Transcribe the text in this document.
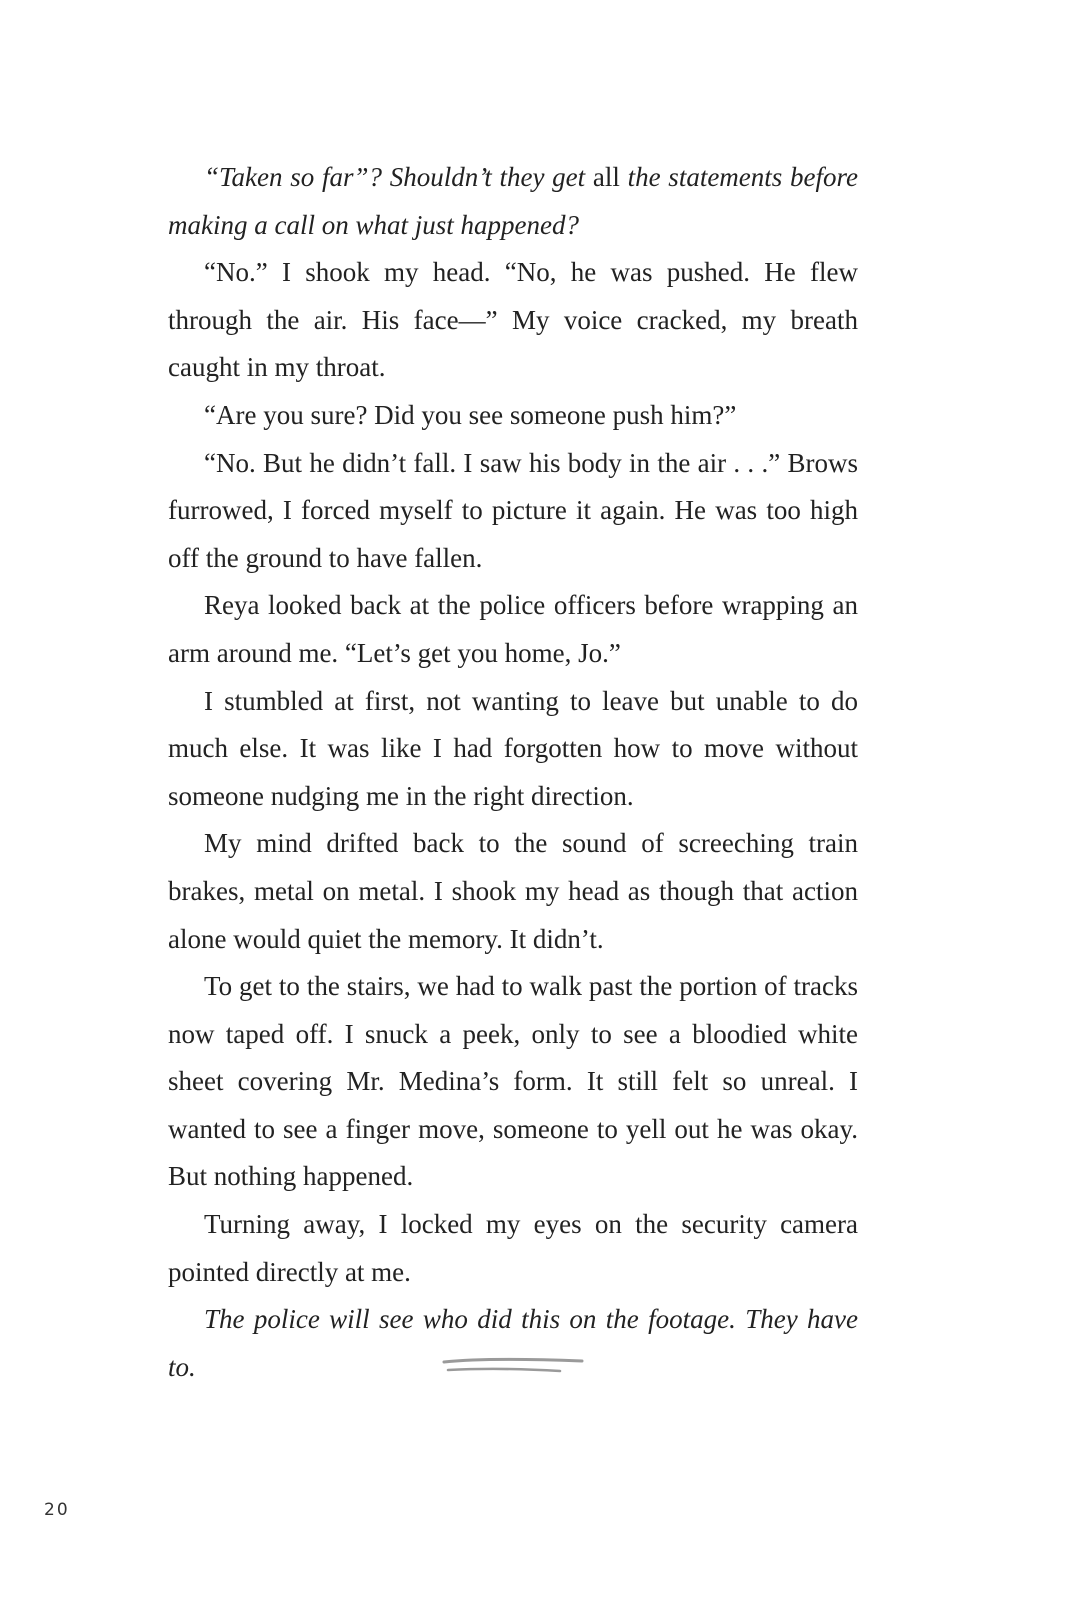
“Taken so far”? Shouldn’t they get all the statements before making a call on what just happened?

“No.” I shook my head. “No, he was pushed. He flew through the air. His face—” My voice cracked, my breath caught in my throat.

“Are you sure? Did you see someone push him?”

“No. But he didn’t fall. I saw his body in the air . . .” Brows furrowed, I forced myself to picture it again. He was too high off the ground to have fallen.

Reya looked back at the police officers before wrapping an arm around me. “Let’s get you home, Jo.”

I stumbled at first, not wanting to leave but unable to do much else. It was like I had forgotten how to move without someone nudging me in the right direction.

My mind drifted back to the sound of screeching train brakes, metal on metal. I shook my head as though that action alone would quiet the memory. It didn’t.

To get to the stairs, we had to walk past the portion of tracks now taped off. I snuck a peek, only to see a bloodied white sheet covering Mr. Medina’s form. It still felt so unreal. I wanted to see a finger move, someone to yell out he was okay. But nothing happened.

Turning away, I locked my eyes on the security camera pointed directly at me.

The police will see who did this on the footage. They have to.

20
